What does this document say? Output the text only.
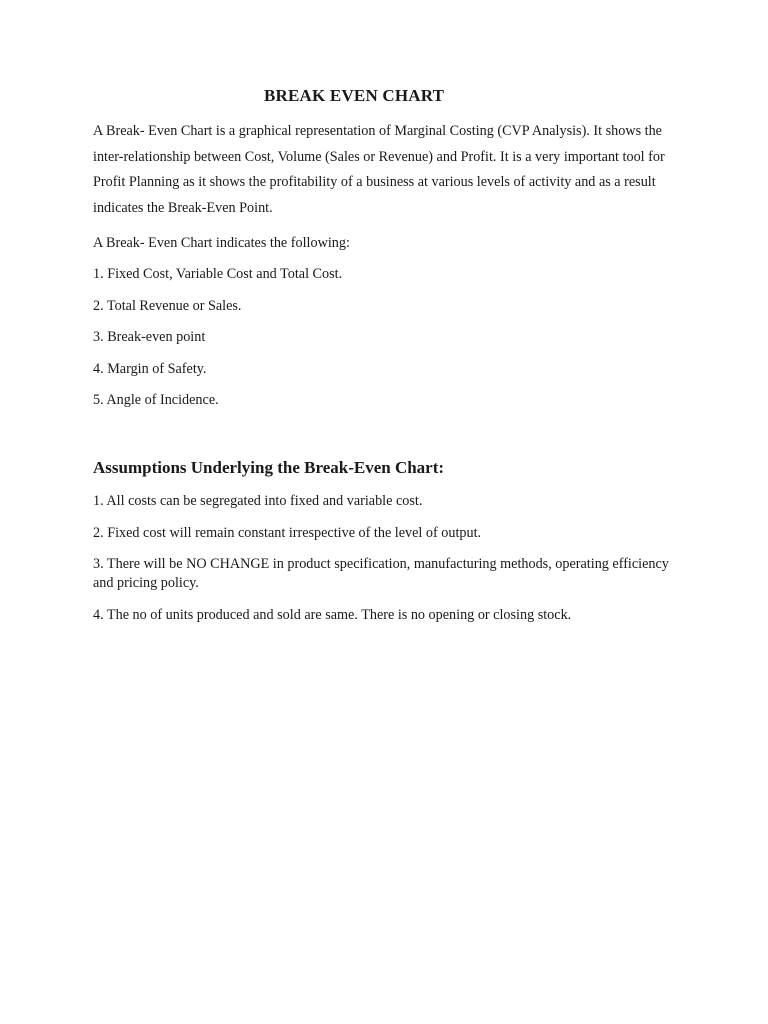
BREAK EVEN CHART
A Break- Even Chart is a graphical representation of Marginal Costing (CVP Analysis). It shows the inter-relationship between Cost, Volume (Sales or Revenue) and Profit. It is a very important tool for Profit Planning as it shows the profitability of a business at various levels of activity and as a result indicates the Break-Even Point.
A Break- Even Chart indicates the following:
1. Fixed Cost, Variable Cost and Total Cost.
2. Total Revenue or Sales.
3. Break-even point
4. Margin of Safety.
5. Angle of Incidence.
Assumptions Underlying the Break-Even Chart:
1. All costs can be segregated into fixed and variable cost.
2. Fixed cost will remain constant irrespective of the level of output.
3. There will be NO CHANGE in product specification, manufacturing methods, operating efficiency and pricing policy.
4. The no of units produced and sold are same. There is no opening or closing stock.
